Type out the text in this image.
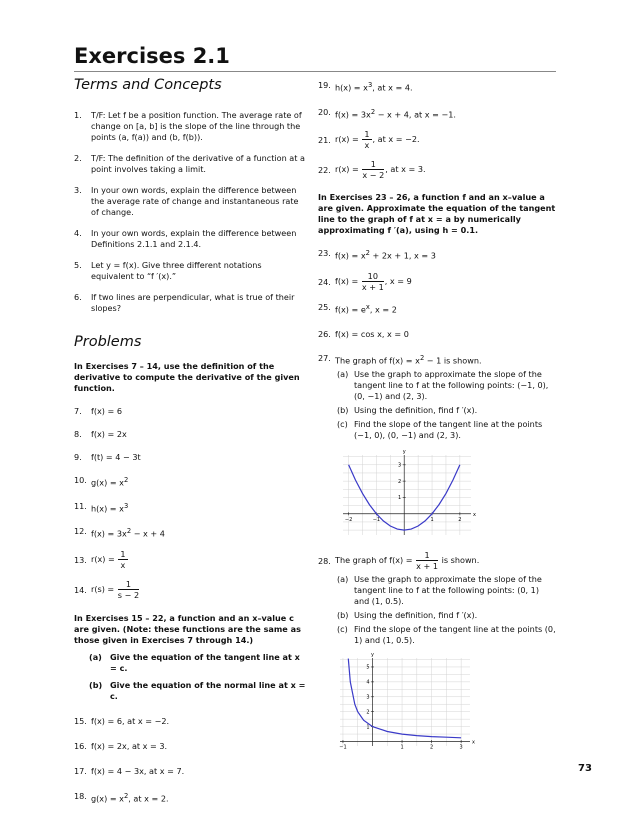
Exercises 2.1
Terms and Concepts
1. T/F: Let f be a position function. The average rate of change on [a, b] is the slope of the line through the points (a, f(a)) and (b, f(b)).
2. T/F: The definition of the derivative of a function at a point involves taking a limit.
3. In your own words, explain the difference between the average rate of change and instantaneous rate of change.
4. In your own words, explain the difference between Definitions 2.1.1 and 2.1.4.
5. Let y = f(x). Give three different notations equivalent to “f ′(x).”
6. If two lines are perpendicular, what is true of their slopes?
Problems
In Exercises 7 – 14, use the definition of the derivative to compute the derivative of the given function.
7. f(x) = 6
8. f(x) = 2x
9. f(t) = 4 − 3t
10. $g(x) = x^2$
11. $h(x) = x^3$
12. $f(x) = 3x^2 - x + 4$
13. $r(x) = \frac{1}{x}$
14. $r(s) = \frac{1}{s - 2}$
In Exercises 15 – 22, a function and an x–value c are given. (Note: these functions are the same as those given in Exercises 7 through 14.)
(a) Give the equation of the tangent line at x = c.
(b) Give the equation of the normal line at x = c.
15. f(x) = 6, at x = −2.
16. f(x) = 2x, at x = 3.
17. f(x) = 4 − 3x, at x = 7.
18. $g(x) = x^2$, at x = 2.
19. $h(x) = x^3$, at x = 4.
20. $f(x) = 3x^2 - x + 4$, at x = −1.
21. $r(x) = \frac{1}{x}$ , at x = −2.
22. $r(x) = \frac{1}{x - 2}$ , at x = 3.
In Exercises 23 – 26, a function f and an x–value a are given. Approximate the equation of the tangent line to the graph of f at x = a by numerically approximating f ′(a), using h = 0.1.
23. $f(x) = x^2 + 2x + 1$, x = 3
24. $f(x) = \frac{10}{x + 1}$ , x = 9
25. $f(x) = e^x$, x = 2
26. f(x) = cos x, x = 0
27. The graph of $f(x) = x^2 - 1$ is shown.
(a) Use the graph to approximate the slope of the tangent line to f at the following points: (−1, 0), (0, −1) and (2, 3).
(b) Using the definition, find f ′(x).
(c) Find the slope of the tangent line at the points (−1, 0), (0, −1) and (2, 3).
x
y
−2	−1	1	2
1
2
3
28. The graph of $f(x) = \frac{1}{x + 1}$ is shown.
(a) Use the graph to approximate the slope of the tangent line to f at the following points: (0, 1) and (1, 0.5).
(b) Using the definition, find f ′(x).
(c) Find the slope of the tangent line at the points (0, 1) and (1, 0.5).
x
y
−1	1	2	3
1
2
3
4
5
73
